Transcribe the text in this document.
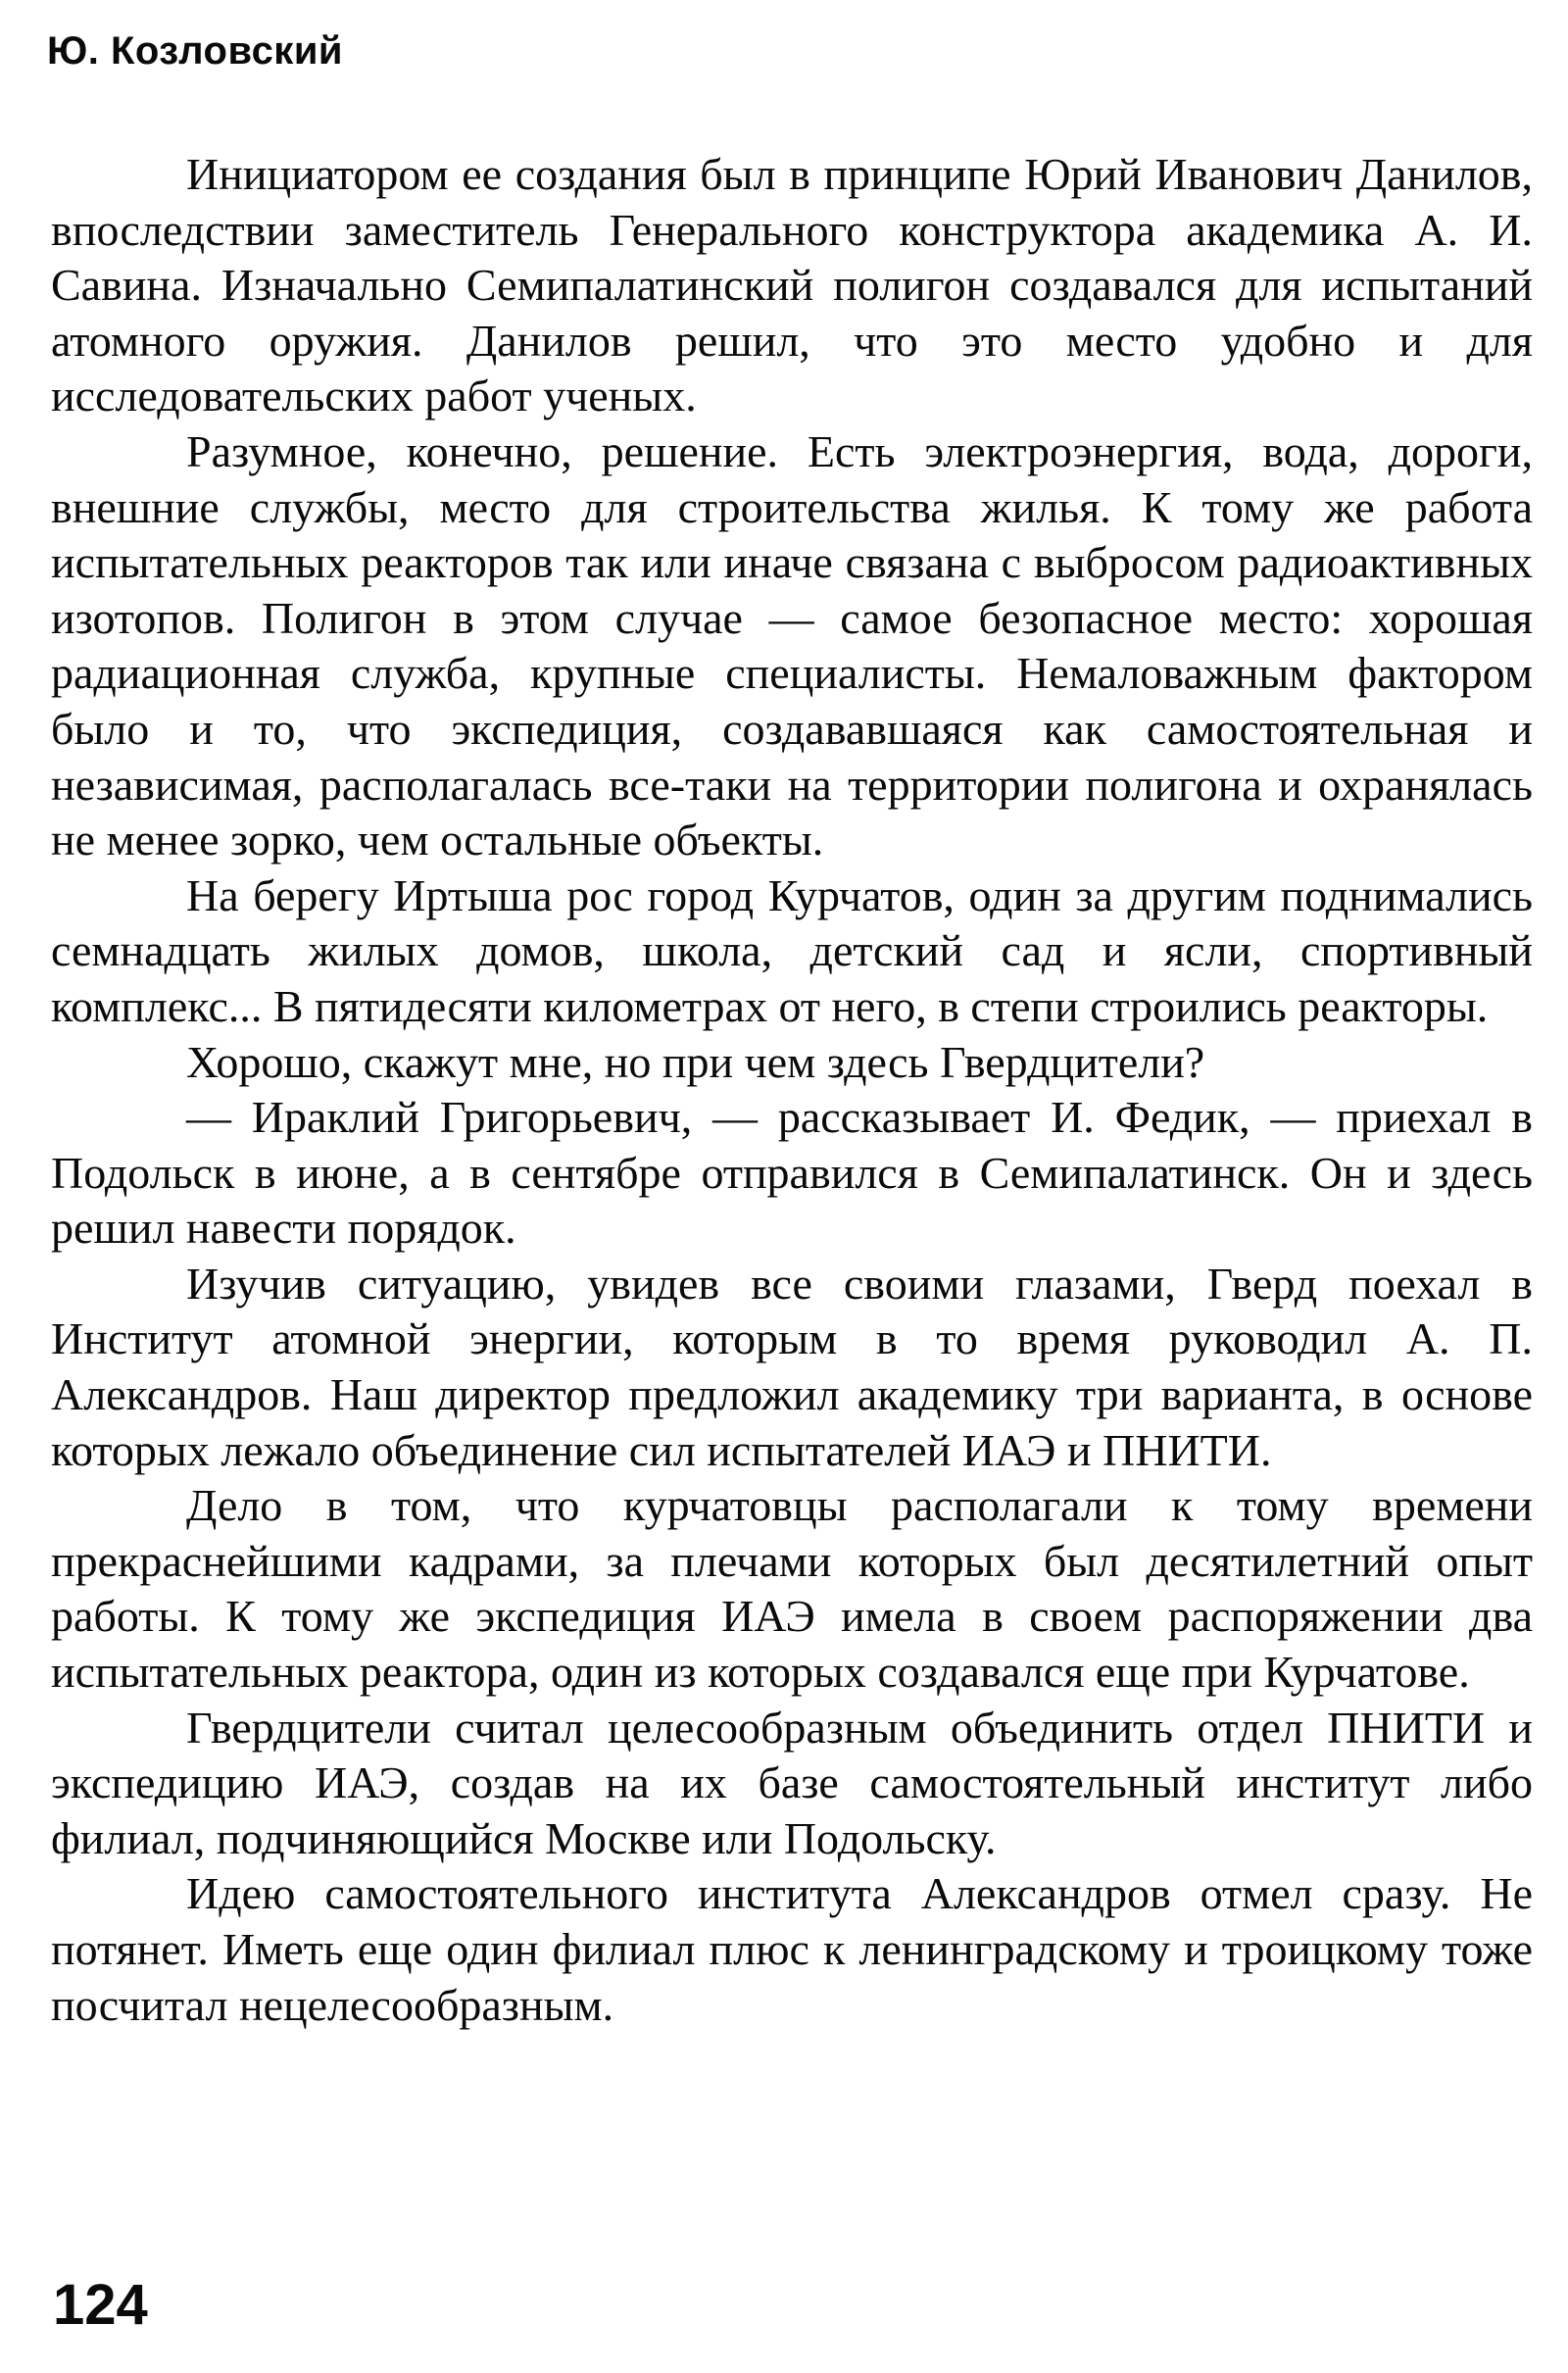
Ю. Козловский

Инициатором ее создания был в принципе Юрий Иванович Данилов, впоследствии заместитель Генерального конструктора академика А. И. Савина. Изначально Семипалатинский полигон создавался для испытаний атомного оружия. Данилов решил, что это место удобно и для исследовательских работ ученых.

Разумное, конечно, решение. Есть электроэнергия, вода, дороги, внешние службы, место для строительства жилья. К тому же работа испытательных реакторов так или иначе связана с выбросом радиоактивных изотопов. Полигон в этом случае — самое безопасное место: хорошая радиационная служба, крупные специалисты. Немаловажным фактором было и то, что экспедиция, создававшаяся как самостоятельная и независимая, располагалась все-таки на территории полигона и охранялась не менее зорко, чем остальные объекты.

На берегу Иртыша рос город Курчатов, один за другим поднимались семнадцать жилых домов, школа, детский сад и ясли, спортивный комплекс... В пятидесяти километрах от него, в степи строились реакторы.

Хорошо, скажут мне, но при чем здесь Гвердцители?

— Ираклий Григорьевич, — рассказывает И. Федик, — приехал в Подольск в июне, а в сентябре отправился в Семипалатинск. Он и здесь решил навести порядок.

Изучив ситуацию, увидев все своими глазами, Гверд поехал в Институт атомной энергии, которым в то время руководил А. П. Александров. Наш директор предложил академику три варианта, в основе которых лежало объединение сил испытателей ИАЭ и ПНИТИ.

Дело в том, что курчатовцы располагали к тому времени прекраснейшими кадрами, за плечами которых был десятилетний опыт работы. К тому же экспедиция ИАЭ имела в своем распоряжении два испытательных реактора, один из которых создавался еще при Курчатове.

Гвердцители считал целесообразным объединить отдел ПНИТИ и экспедицию ИАЭ, создав на их базе самостоятельный институт либо филиал, подчиняющийся Москве или Подольску.

Идею самостоятельного института Александров отмел сразу. Не потянет. Иметь еще один филиал плюс к ленинградскому и троицкому тоже посчитал нецелесообразным.

124
